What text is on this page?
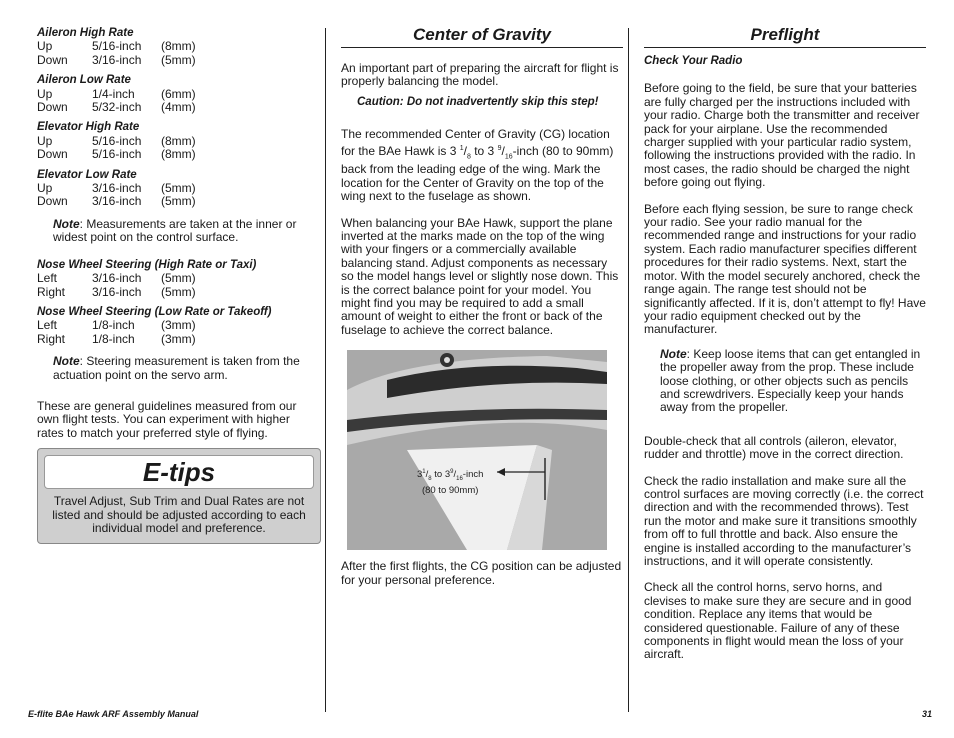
Aileron High Rate
Up	5/16-inch	(8mm)
Down	3/16-inch	(5mm)
Aileron Low Rate
Up	1/4-inch	(6mm)
Down	5/32-inch	(4mm)
Elevator High Rate
Up	5/16-inch	(8mm)
Down	5/16-inch	(8mm)
Elevator Low Rate
Up	3/16-inch	(5mm)
Down	3/16-inch	(5mm)
Note: Measurements are taken at the inner or widest point on the control surface.
Nose Wheel Steering (High Rate or Taxi)
Left	3/16-inch	(5mm)
Right	3/16-inch	(5mm)
Nose Wheel Steering (Low Rate or Takeoff)
Left	1/8-inch	(3mm)
Right	1/8-inch	(3mm)
Note: Steering measurement is taken from the actuation point on the servo arm.

These are general guidelines measured from our own flight tests. You can experiment with higher rates to match your preferred style of flying.

E-tips
Travel Adjust, Sub Trim and Dual Rates are not listed and should be adjusted according to each individual model and preference.
Center of Gravity

An important part of preparing the aircraft for flight is properly balancing the model.

Caution: Do not inadvertently skip this step!

The recommended Center of Gravity (CG) location for the BAe Hawk is 3 $^1/_8$ to 3 $^9/_{16}$-inch (80 to 90mm) back from the leading edge of the wing. Mark the location for the Center of Gravity on the top of the wing next to the fuselage as shown.

When balancing your BAe Hawk, support the plane inverted at the marks made on the top of the wing with your fingers or a commercially available balancing stand. Adjust components as necessary so the model hangs level or slightly nose down. This is the correct balance point for your model. You might find you may be required to add a small amount of weight to either the front or back of the fuselage to achieve the correct balance.

$3^1/_8$ to $3^9/_{16}$-inch
(80 to 90mm)

After the first flights, the CG position can be adjusted for your personal preference.

Preflight
Check Your Radio

Before going to the field, be sure that your batteries are fully charged per the instructions included with your radio. Charge both the transmitter and receiver pack for your airplane. Use the recommended charger supplied with your particular radio system, following the instructions provided with the radio. In most cases, the radio should be charged the night before going out flying.

Before each flying session, be sure to range check your radio. See your radio manual for the recommended range and instructions for your radio system. Each radio manufacturer specifies different procedures for their radio systems. Next, start the motor. With the model securely anchored, check the range again. The range test should not be significantly affected. If it is, don’t attempt to fly! Have your radio equipment checked out by the manufacturer.

Note: Keep loose items that can get entangled in the propeller away from the prop. These include loose clothing, or other objects such as pencils and screwdrivers. Especially keep your hands away from the propeller.

Double-check that all controls (aileron, elevator, rudder and throttle) move in the correct direction.

Check the radio installation and make sure all the control surfaces are moving correctly (i.e. the correct direction and with the recommended throws). Test run the motor and make sure it transitions smoothly from off to full throttle and back. Also ensure the engine is installed according to the manufacturer’s instructions, and it will operate consistently.

Check all the control horns, servo horns, and clevises to make sure they are secure and in good condition. Replace any items that would be considered questionable. Failure of any of these components in flight would mean the loss of your aircraft.

E-flite BAe Hawk ARF Assembly Manual	31
